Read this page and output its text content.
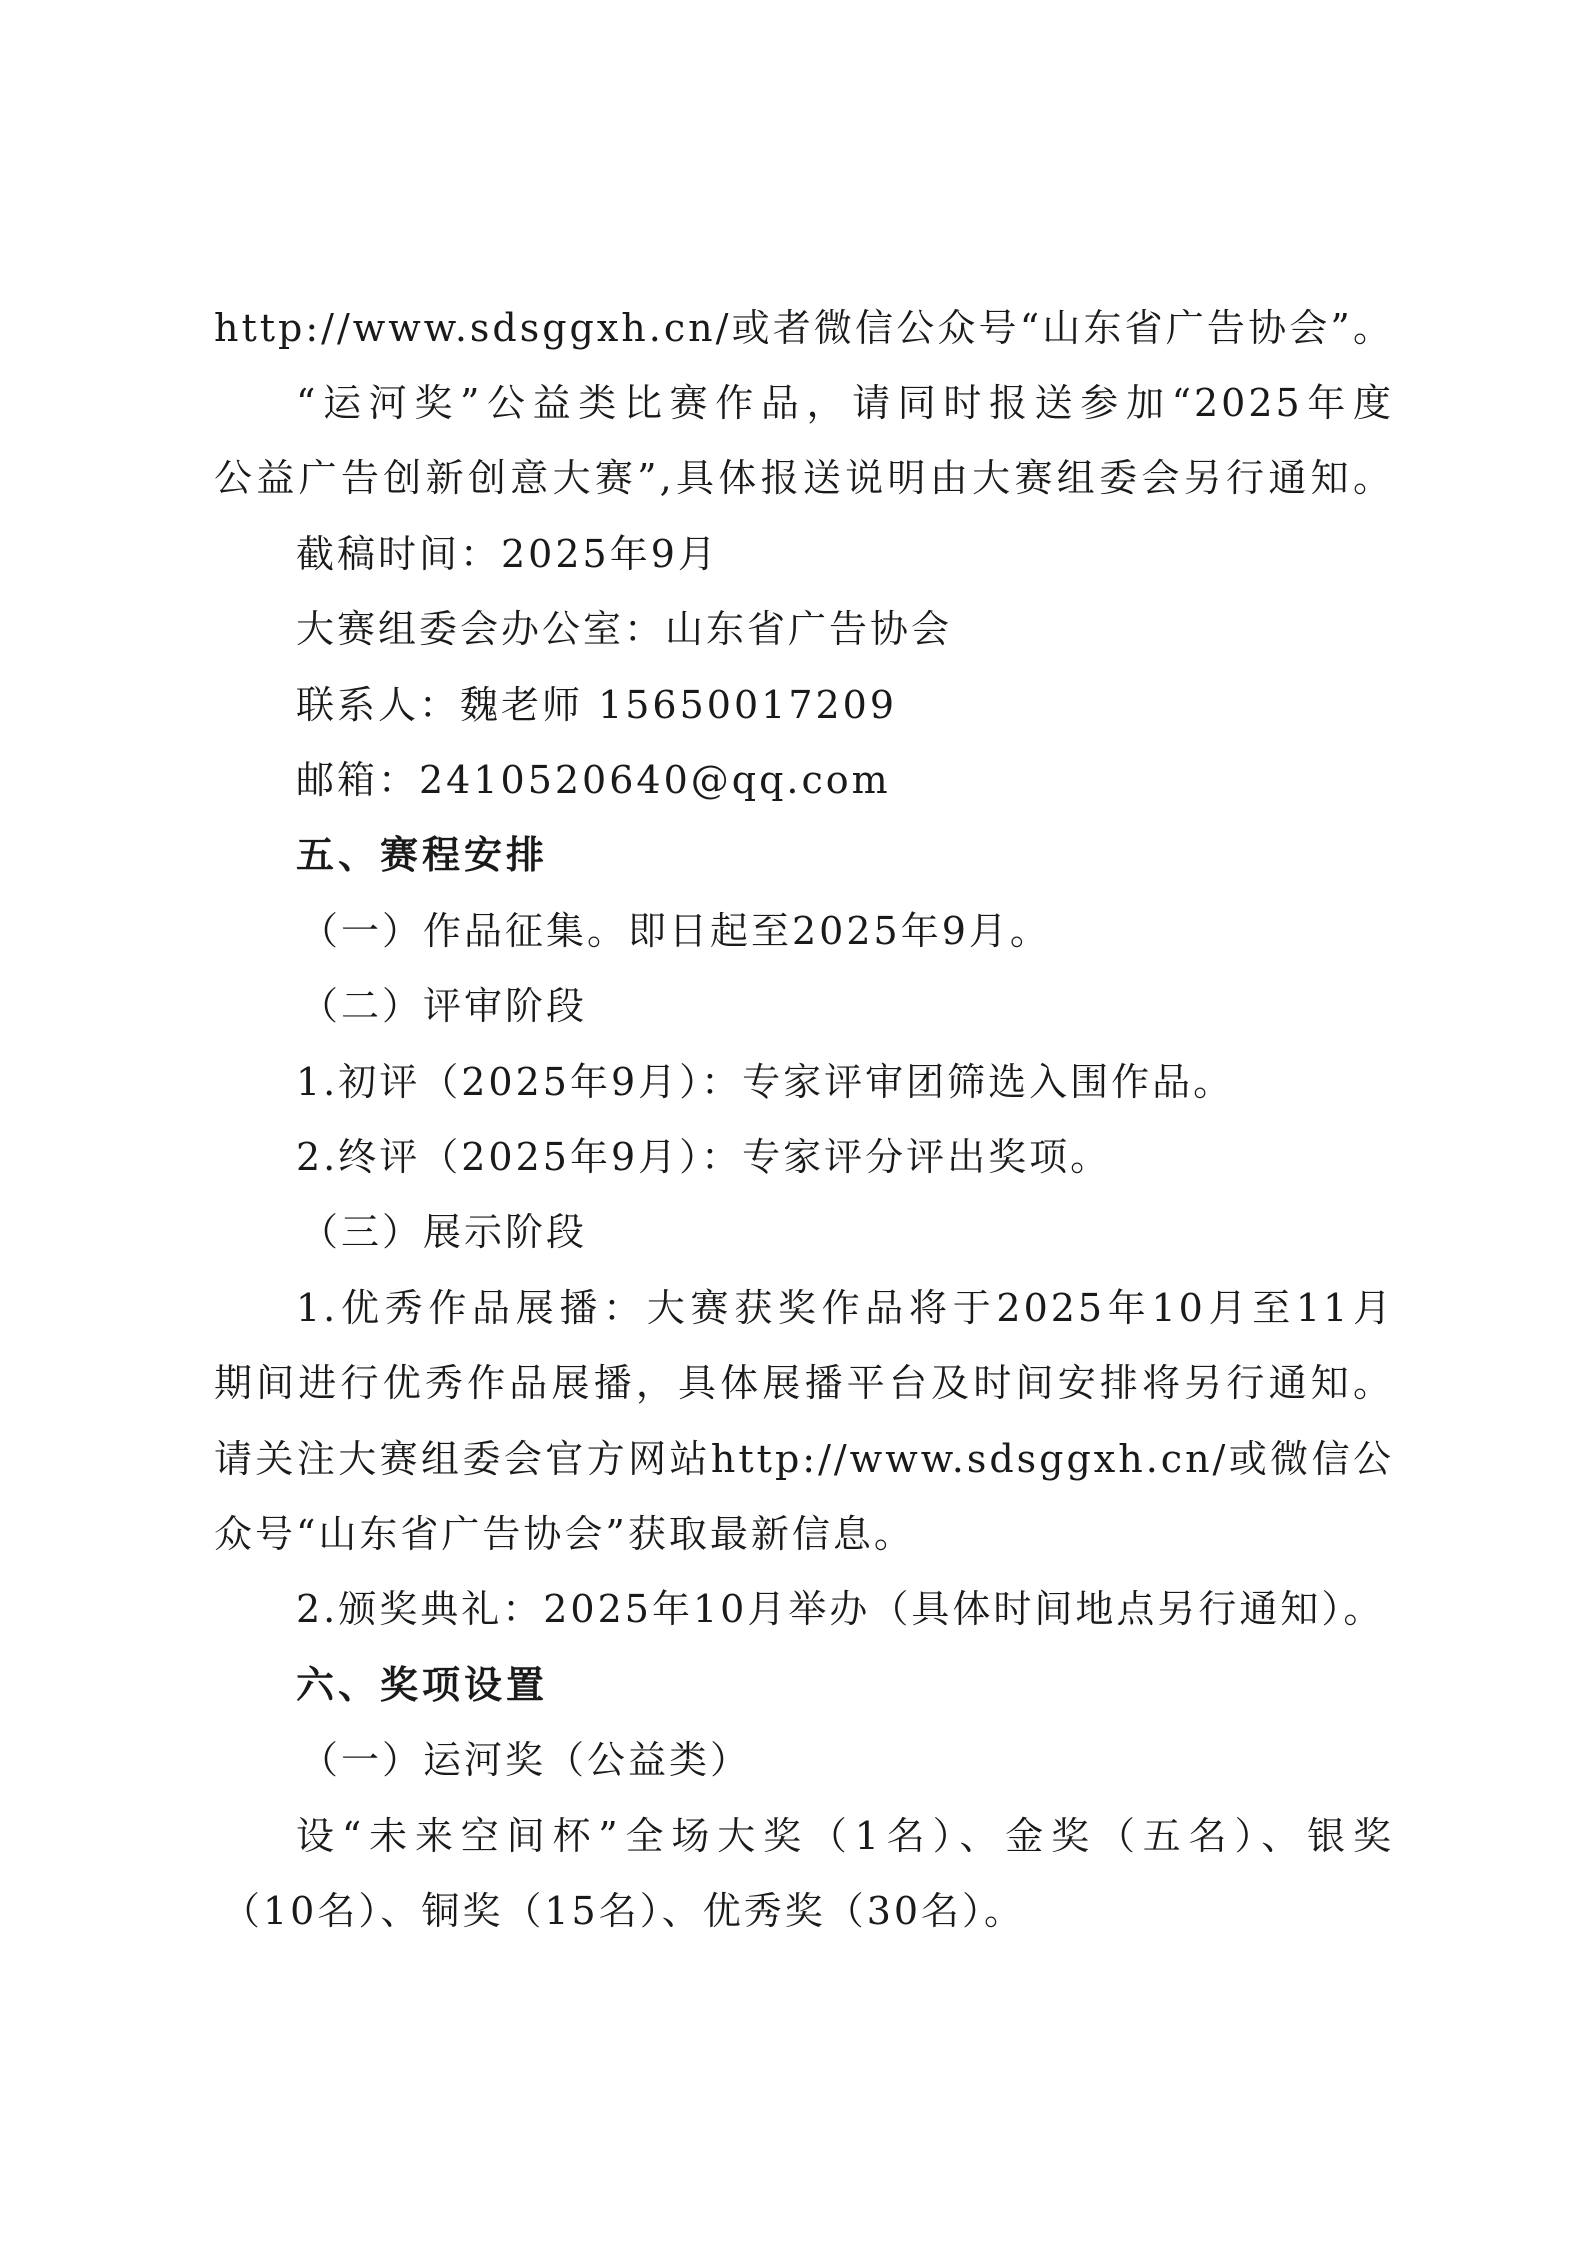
http://www.sdsggxh.cn/或者微信公众号“山东省广告协会”。
“运河奖”公益类比赛作品，请同时报送参加“2025年度
公益广告创新创意大赛”,具体报送说明由大赛组委会另行通知。
截稿时间：2025年9月
大赛组委会办公室：山东省广告协会
联系人：魏老师 15650017209
邮箱：2410520640@qq.com
五、赛程安排
（一）作品征集。即日起至2025年9月。
（二）评审阶段
1.初评（2025年9月）：专家评审团筛选入围作品。
2.终评（2025年9月）：专家评分评出奖项。
（三）展示阶段
1.优秀作品展播：大赛获奖作品将于2025年10月至11月
期间进行优秀作品展播，具体展播平台及时间安排将另行通知。
请关注大赛组委会官方网站http://www.sdsggxh.cn/或微信公
众号“山东省广告协会”获取最新信息。
2.颁奖典礼：2025年10月举办（具体时间地点另行通知）。
六、奖项设置
（一）运河奖（公益类）
设“未来空间杯”全场大奖（1名）、金奖（五名）、银奖
（10名）、铜奖（15名）、优秀奖（30名）。
